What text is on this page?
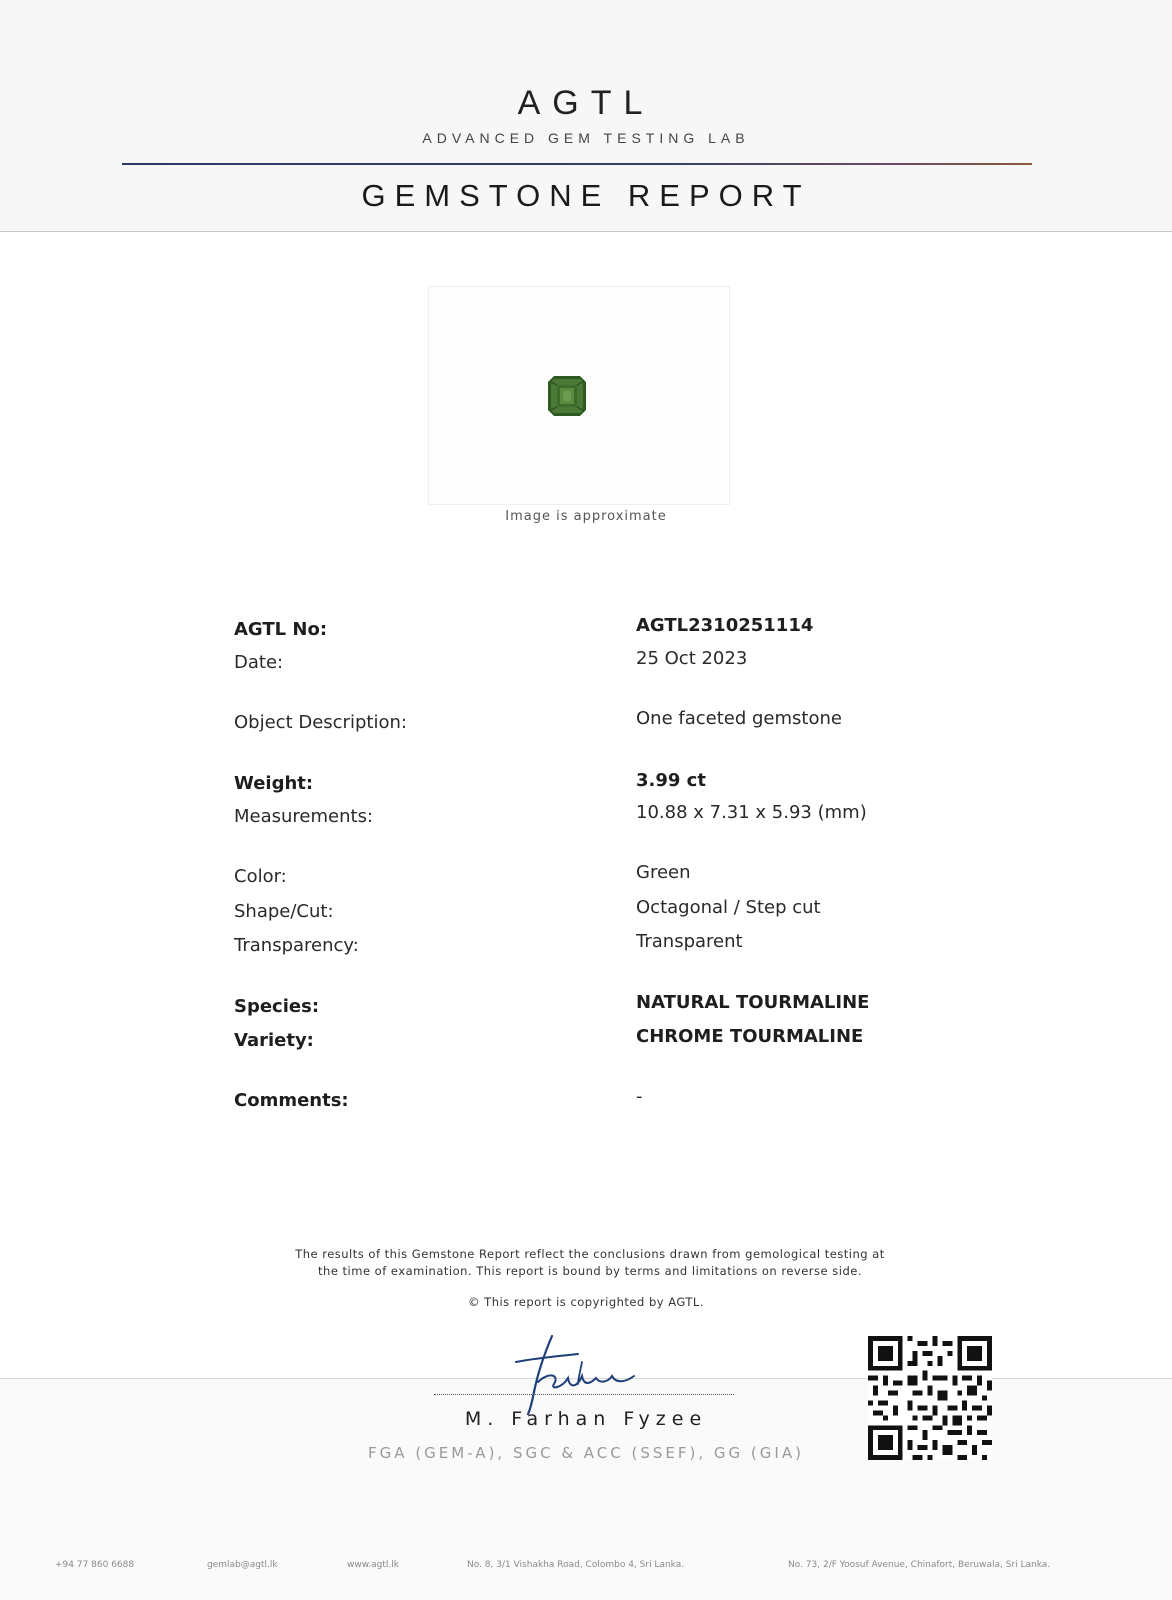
AGTL
ADVANCED GEM TESTING LAB
GEMSTONE REPORT
Image is approximate
AGTL No:	AGTL2310251114
Date:	25 Oct 2023
Object Description:	One faceted gemstone
Weight:	3.99 ct
Measurements:	10.88 x 7.31 x 5.93 (mm)
Color:	Green
Shape/Cut:	Octagonal / Step cut
Transparency:	Transparent
Species:	NATURAL TOURMALINE
Variety:	CHROME TOURMALINE
Comments:	-
The results of this Gemstone Report reflect the conclusions drawn from gemological testing at
the time of examination. This report is bound by terms and limitations on reverse side.
© This report is copyrighted by AGTL.
M. Farhan Fyzee
FGA (GEM-A), SGC & ACC (SSEF), GG (GIA)
+94 77 860 6688	gemlab@agtl.lk	www.agtl.lk	No. 8, 3/1 Vishakha Road, Colombo 4, Sri Lanka.	No. 73, 2/F Yoosuf Avenue, Chinafort, Beruwala, Sri Lanka.
